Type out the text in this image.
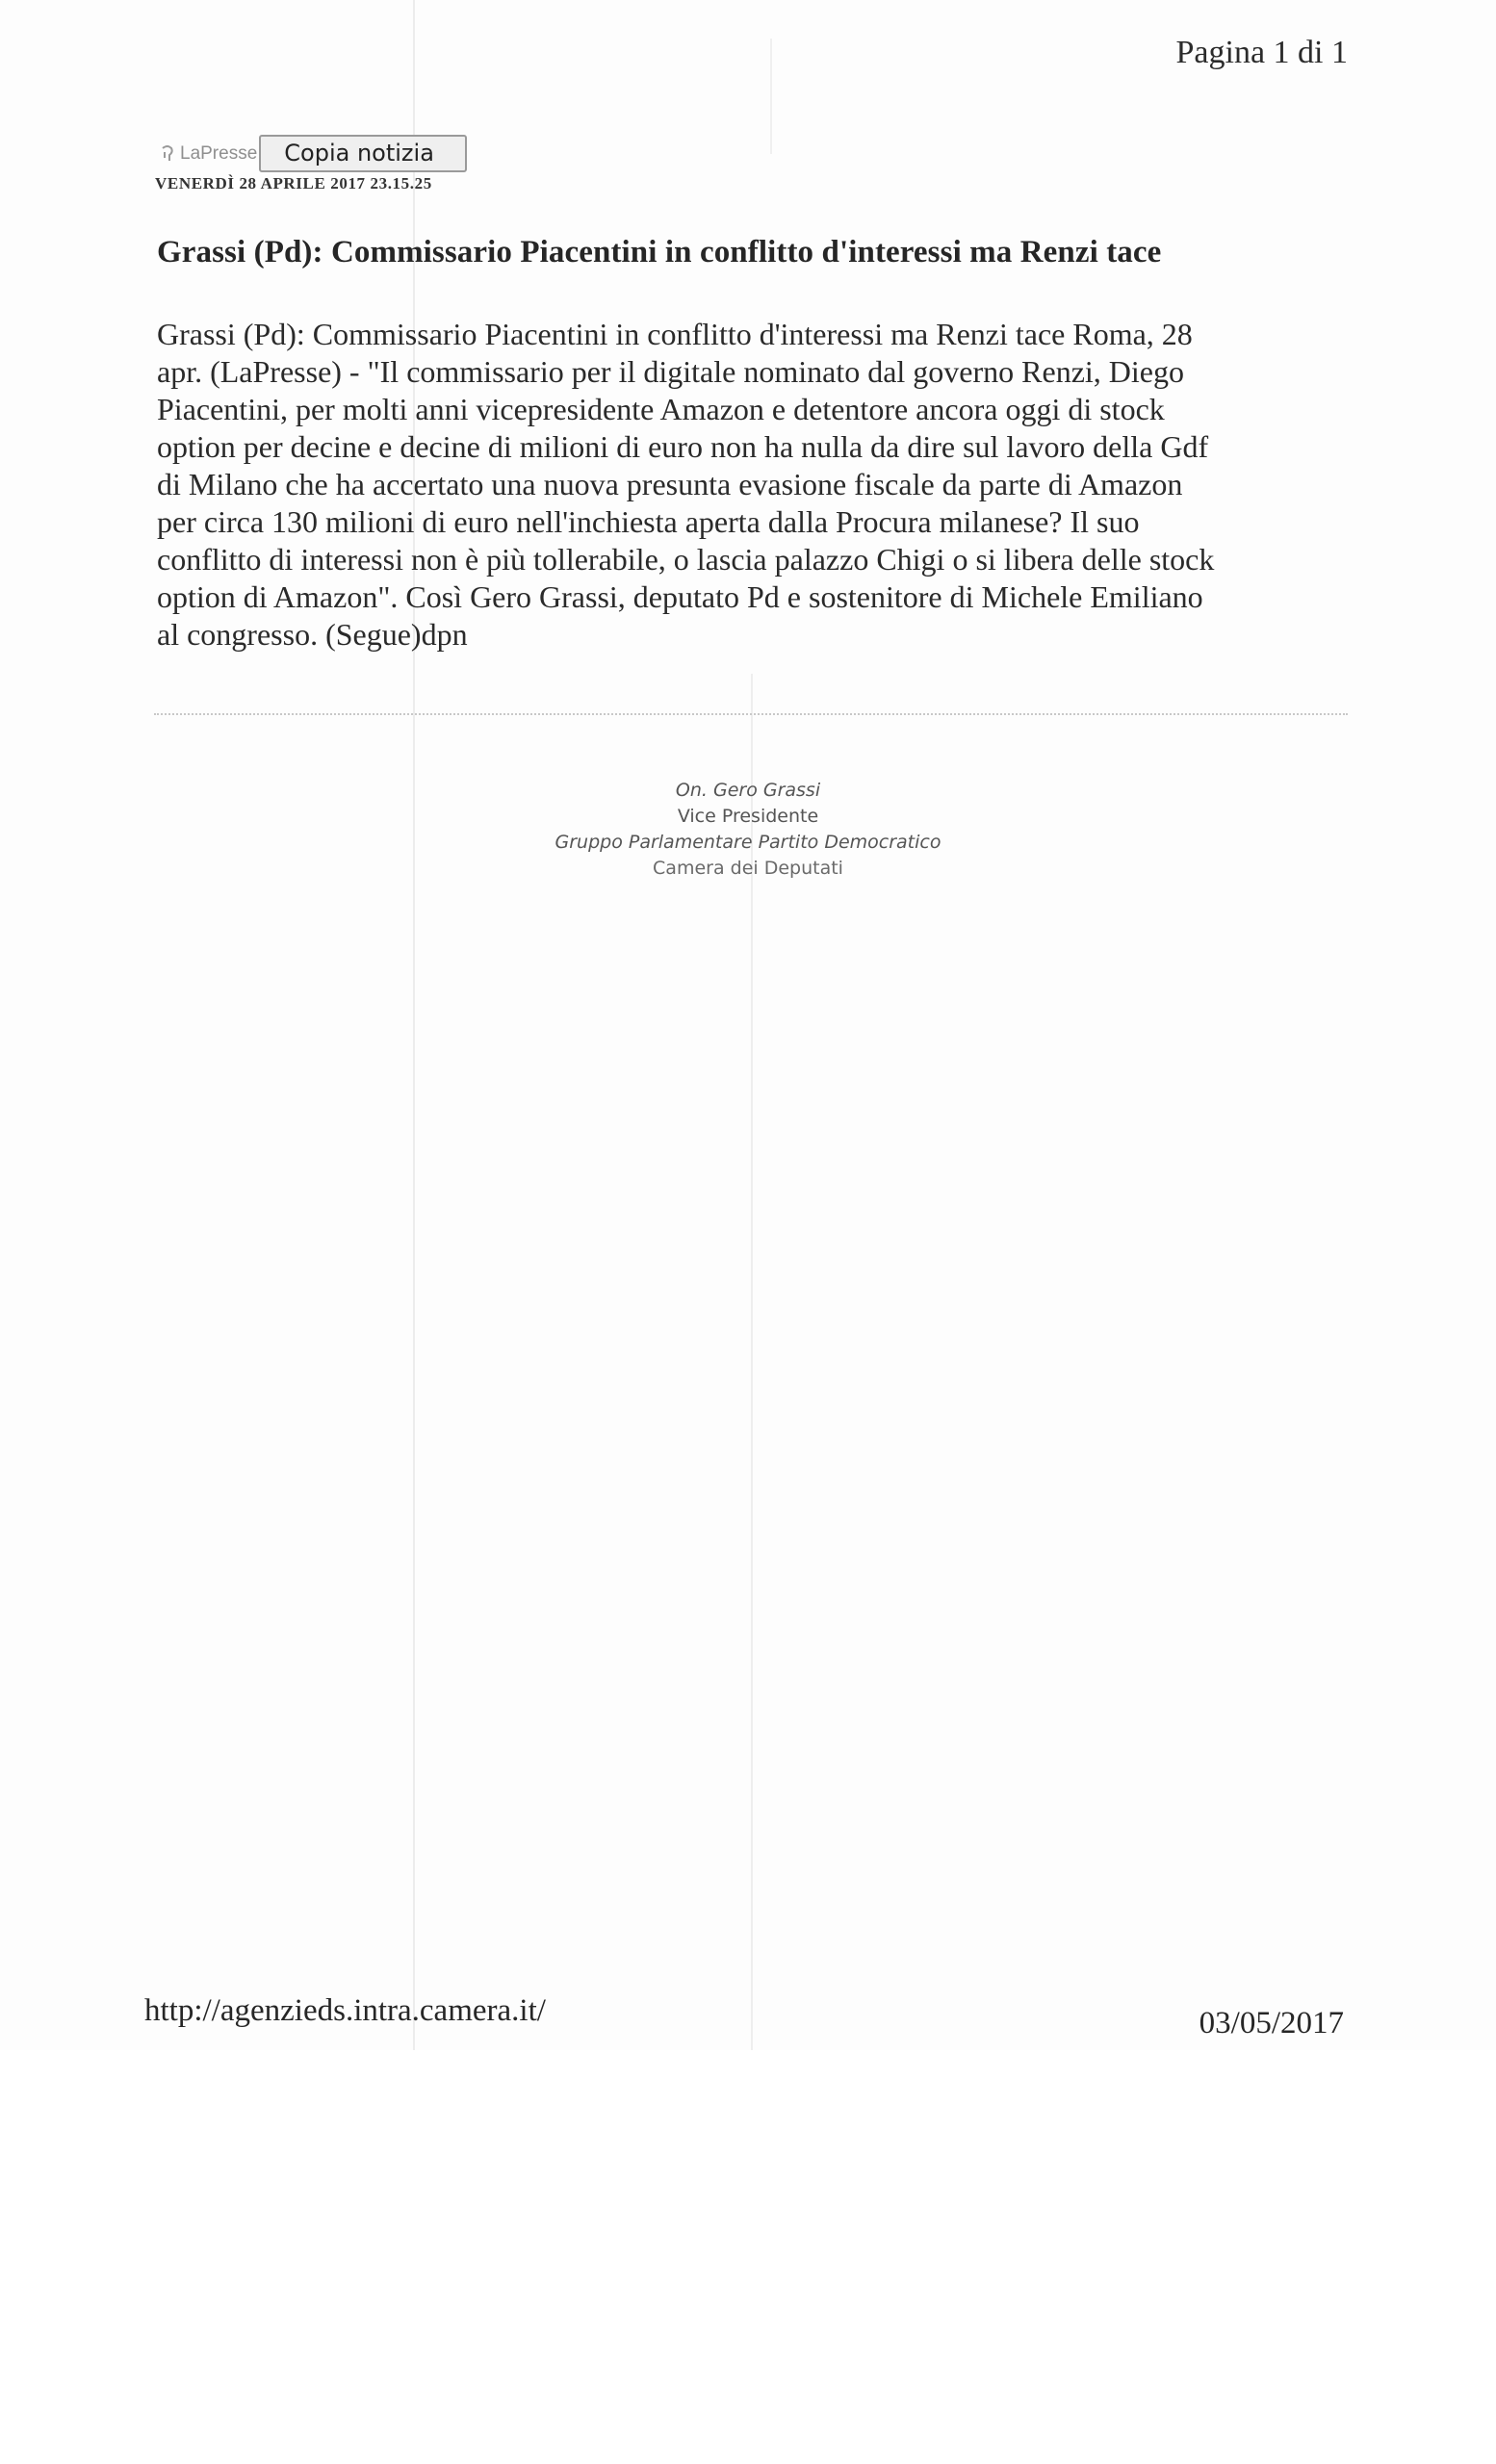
Pagina 1 di 1
LaPresse	Copia notizia
VENERDÌ 28 APRILE 2017 23.15.25
Grassi (Pd): Commissario Piacentini in conflitto d'interessi ma Renzi tace

Grassi (Pd): Commissario Piacentini in conflitto d'interessi ma Renzi tace Roma, 28
apr. (LaPresse) - "Il commissario per il digitale nominato dal governo Renzi, Diego
Piacentini, per molti anni vicepresidente Amazon e detentore ancora oggi di stock
option per decine e decine di milioni di euro non ha nulla da dire sul lavoro della Gdf
di Milano che ha accertato una nuova presunta evasione fiscale da parte di Amazon
per circa 130 milioni di euro nell'inchiesta aperta dalla Procura milanese? Il suo
conflitto di interessi non è più tollerabile, o lascia palazzo Chigi o si libera delle stock
option di Amazon". Così Gero Grassi, deputato Pd e sostenitore di Michele Emiliano
al congresso. (Segue)dpn

On. Gero Grassi
Vice Presidente
Gruppo Parlamentare Partito Democratico
Camera dei Deputati
http://agenzieds.intra.camera.it/	03/05/2017
